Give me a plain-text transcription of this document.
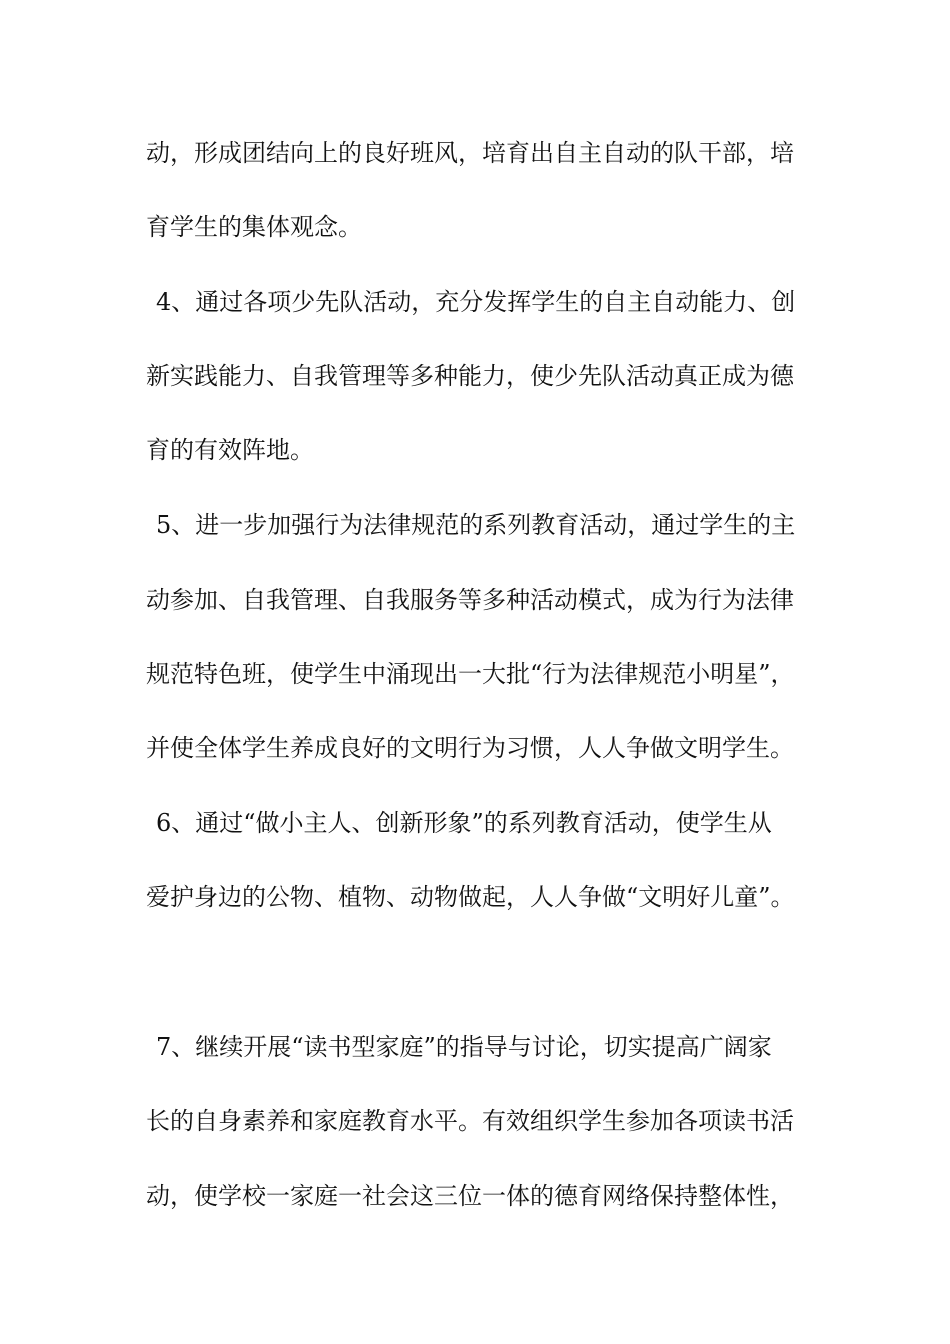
动，形成团结向上的良好班风，培育出自主自动的队干部，培
育学生的集体观念。
4、通过各项少先队活动，充分发挥学生的自主自动能力、创
新实践能力、自我管理等多种能力，使少先队活动真正成为德
育的有效阵地。
5、进一步加强行为法律规范的系列教育活动，通过学生的主
动参加、自我管理、自我服务等多种活动模式，成为行为法律
规范特色班，使学生中涌现出一大批“行为法律规范小明星”，
并使全体学生养成良好的文明行为习惯，人人争做文明学生。
6、通过“做小主人、创新形象”的系列教育活动，使学生从
爱护身边的公物、植物、动物做起，人人争做“文明好儿童”。
7、继续开展“读书型家庭”的指导与讨论，切实提高广阔家
长的自身素养和家庭教育水平。有效组织学生参加各项读书活
动，使学校一家庭一社会这三位一体的德育网络保持整体性，
